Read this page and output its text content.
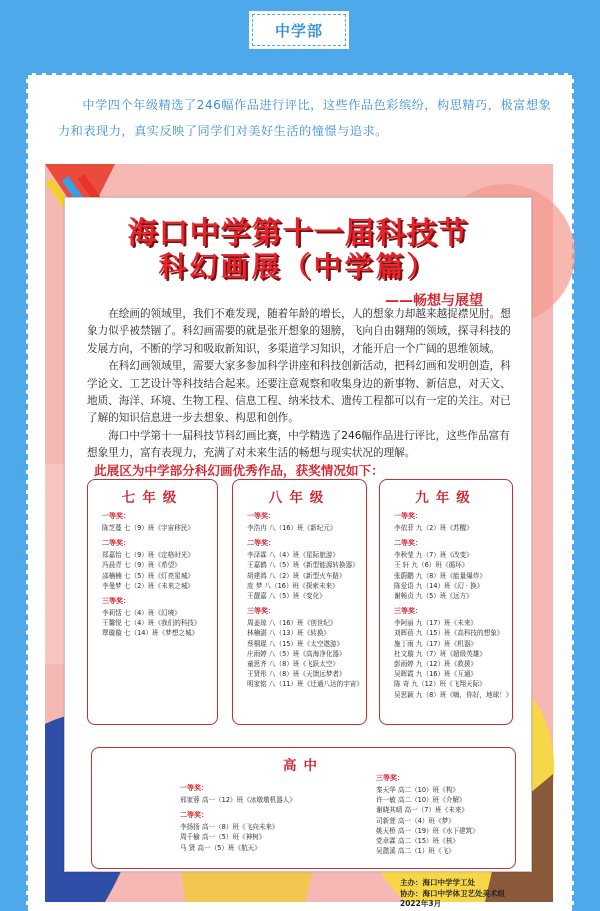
中学部

中学四个年级精选了246幅作品进行评比，这些作品色彩缤纷，构思精巧，极富想象力和表现力，真实反映了同学们对美好生活的憧憬与追求。

海口中学第十一届科技节
科幻画展（中学篇）
——畅想与展望

在绘画的领域里，我们不难发现，随着年龄的增长，人的想象力却越来越捉襟见肘。想象力似乎被禁锢了。科幻画需要的就是张开想象的翅膀，飞向自由翱翔的领域，探寻科技的发展方向，不断的学习和吸取新知识，多渠道学习知识，才能开启一个广阔的思维领域。

在科幻画领域里，需要大家多参加科学讲座和科技创新活动，把科幻画和发明创造，科学论文、工艺设计等科技结合起来。还要注意观察和收集身边的新事物、新信息，对天文、地质、海洋、环境、生物工程、信息工程、纳米技术、遗传工程都可以有一定的关注。对已了解的知识信息进一步去想象、构思和创作。

海口中学第十一届科技节科幻画比赛，中学精选了246幅作品进行评比，这些作品富有想象里力，富有表现力，充满了对未来生活的畅想与现实状况的理解。

此展区为中学部分科幻画优秀作品，获奖情况如下：
七年级
一等奖：
陈芝蔓 七（9）班《宇宙移民》
二等奖：
郑嘉怡 七（9）班《定格时光》
冯晨青 七（9）班《希望》
邵楠楠 七（5）班《灯亮星城》
李曼梦 七（2）班《未来之城》
三等奖：
李莉恬 七（4）班《幻境》
王馨悦 七（4）班《我们的科技》
覃璇璇 七（14）班《梦想之城》
八年级
一等奖：
李浩冉 八（16）班《新纪元》
二等奖：
李泽霖 八（4）班《星际旅游》
王嘉鹤 八（5）班《新型能源转换器》
胡建鸿 八（2）班《新型火车路》
庞 梦 八（16）班《探索未来》
王靓嘉 八（5）班《变化》
三等奖：
周姜琼 八（16）班《创世纪》
林楠湛 八（13）班《转换》
蔡桐琨 八（15）班《太空遨游》
庄雨婷 八（5）班《高海净化器》
童思齐 八（8）班《飞跃太空》
王贤彤 八（8）班《天馈远梦者》
明家铭 八（11）班《迁通八达的宇宙》
九年级
一等奖：
李依菲 九（2）班《苏醒》
二等奖：
李秋莹 九（7）班《改变》
王 轩 九（6）班《循环》
张蔚鹏 九（8）班《能量爆炸》
陈爱语 九（14）班《幻 · 换》
谢畅贞 九（5）班《远方》
三等奖：
李阿丽 九（17）班《未来》
刘晖蓓 九（15）班《高科技的想象》
施丁雨 九（17）班《机器》
杜文璇 九（7）班《超级英雄》
彭雨婷 九（12）班《救援》
吴晖霞 九（16）班《互通》
陈 奇 九（12）班《飞翔天际》
吴思颖 九（8）班《嗨，你好，地球！》
高中
一等奖：
邢家蓉 高一（12）班《冰墩墩机器人》
二等奖：
李扬扬 高一（8）班《飞向未来》
周千榆 高一（5）班《神树》
马 贤 高一（5）班《航天》
三等奖：
秦天华 高二（10）班《构》
许一敏 高二（10）班《介解》
谢晓其晴 高一（7）班《未来》
司新萱 高一（4）班《梦》
姚天桥 高一（19）班《水下建筑》
党卓霖 高二（15）班《核》
吴懿溪 高二（1）班《飞》
主办：海口中学学工处
协办：海口中学体卫艺处美术组
2022年3月
